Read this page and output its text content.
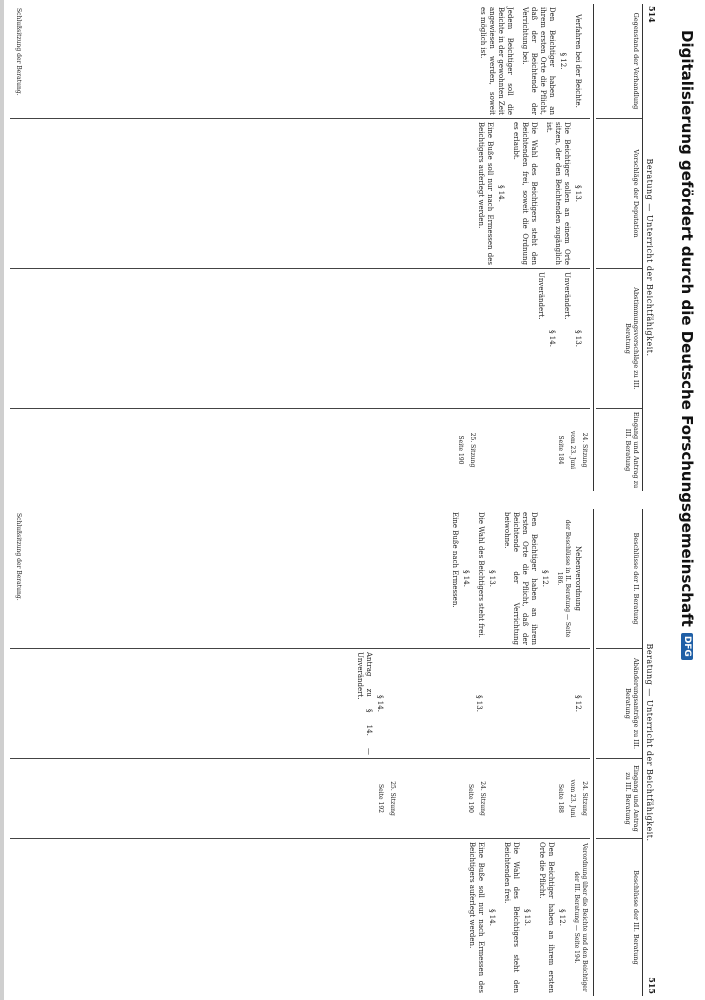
514
Beratung — Unterricht der Beichtfähigkeit.
Gegenstand der Verhandlung
Vorschläge der Deputation
Abstimmungsvorschläge zu III. Beratung
Eingang und Antrag zu III. Beratung
Verfahren bei der Beichte.
§ 12.

Den Beichtiger haben an ihrem ersten Orte die Pflicht, daß der Beichtende der Verrichtung bei.

Jedem Beichtiger soll die Beichte in der gewohnten Zeit angewiesen werden, soweit es möglich ist.

§ 13.

Die Beichtiger sollen an einem Orte sitzen, der den Beichtenden zugänglich ist.

Die Wahl des Beichtigers steht den Beichtenden frei, soweit die Ordnung es erlaubt.

§ 14.

Eine Buße soll nur nach Ermessen des Beichtigers auferlegt werden.

§ 13.

Unverändert.

§ 14.

Unverändert.

24. Sitzung
vom 23. Juni
Seite 184
25. Sitzung
Seite 190
Schlußsitzung der Beratung.
515
Beratung — Unterricht der Beichtfähigkeit.
Beschlüsse der II. Beratung
Abänderungsanträge zu III. Beratung
Eingang und Antrag zu III. Beratung
Beschlüsse der III. Beratung
Nebenverordnung
der Beschlüsse in II. Beratung — Seite 186.
§ 12.

Den Beichtiger haben an ihrem ersten Orte die Pflicht, daß der Beichtende der Verrichtung beiwohne.

§ 13.

Die Wahl des Beichtigers steht frei.

§ 14.

Eine Buße nach Ermessen.

§ 12.
§ 13.
§ 14.

Antrag zu § 14. — Unverändert.

24. Sitzung
vom 23. Juni
Seite 188
24. Sitzung
Seite 190
25. Sitzung
Seite 192
Verordnung über die Beichte und den Beichtiger der III. Beratung — Seite 194.
§ 12.

Den Beichtiger haben an ihrem ersten Orte die Pflicht.

§ 13.

Die Wahl des Beichtigers steht den Beichtenden frei.

§ 14.

Eine Buße soll nur nach Ermessen des Beichtigers auferlegt werden.

Schlußsitzung der Beratung.	Digitalisierung gefördert durch die Deutsche Forschungsgemeinschaft
DFG
